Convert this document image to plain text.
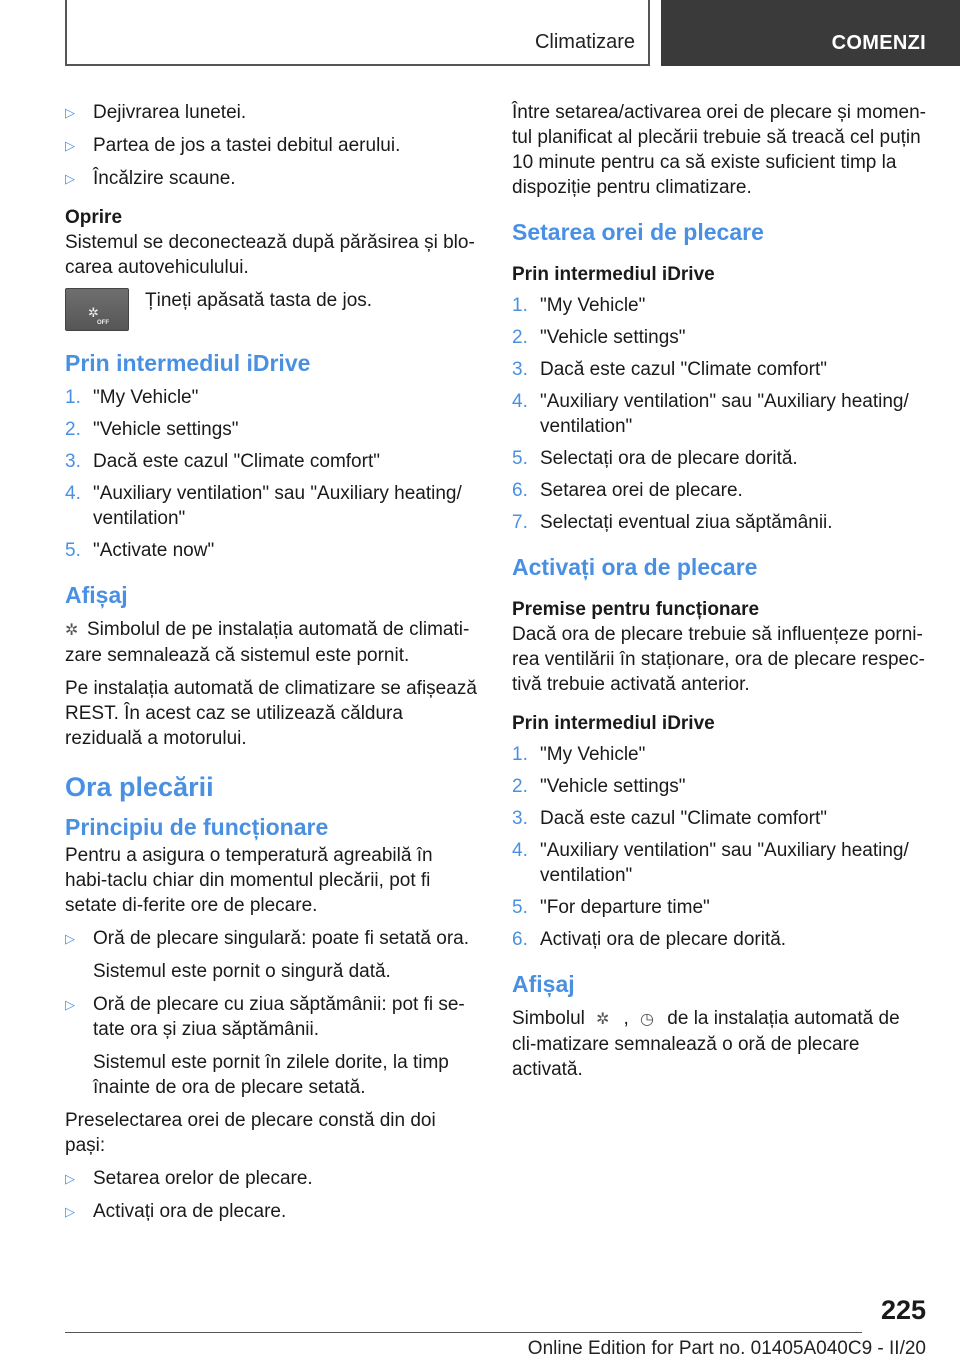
Climatizare	COMENZI
▷ Dejivrarea lunetei.
▷ Partea de jos a tastei debitul aerului.
▷ Încălzire scaune.

Oprire

Sistemul se deconectează după părăsirea și blo-carea autovehiculului.

✲
OFF
Țineți apăsată tasta de jos.
Prin intermediul iDrive
1. "My Vehicle"
2. "Vehicle settings"
3. Dacă este cazul "Climate comfort"
4. "Auxiliary ventilation" sau "Auxiliary heating/ ventilation"
5. "Activate now"
Afișaj

✲ Simbolul de pe instalația automată de climati-zare semnalează că sistemul este pornit.

Pe instalația automată de climatizare se afișează REST. În acest caz se utilizează căldura reziduală a motorului.

Ora plecării
Principiu de funcționare

Pentru a asigura o temperatură agreabilă în habi-taclu chiar din momentul plecării, pot fi setate di-ferite ore de plecare.

▷ Oră de plecare singulară: poate fi setată ora.

Sistemul este pornit o singură dată.

▷ Oră de plecare cu ziua săptămânii: pot fi se-tate ora și ziua săptămânii.

Sistemul este pornit în zilele dorite, la timp înainte de ora de plecare setată.

Preselectarea orei de plecare constă din doi pași:

▷ Setarea orelor de plecare.
▷ Activați ora de plecare.

Între setarea/activarea orei de plecare și momen-tul planificat al plecării trebuie să treacă cel puțin 10 minute pentru ca să existe suficient timp la dispoziție pentru climatizare.

Setarea orei de plecare

Prin intermediul iDrive

1. "My Vehicle"
2. "Vehicle settings"
3. Dacă este cazul "Climate comfort"
4. "Auxiliary ventilation" sau "Auxiliary heating/ ventilation"
5. Selectați ora de plecare dorită.
6. Setarea orei de plecare.
7. Selectați eventual ziua săptămânii.
Activați ora de plecare

Premise pentru funcționare

Dacă ora de plecare trebuie să influențeze porni-rea ventilării în staționare, ora de plecare respec-tivă trebuie activată anterior.

Prin intermediul iDrive

1. "My Vehicle"
2. "Vehicle settings"
3. Dacă este cazul "Climate comfort"
4. "Auxiliary ventilation" sau "Auxiliary heating/ ventilation"
5. "For departure time"
6. Activați ora de plecare dorită.
Afișaj

Simbolul ✲ , ◷ de la instalația automată de cli-matizare semnalează o oră de plecare activată.

225
Online Edition for Part no. 01405A040C9 - II/20
